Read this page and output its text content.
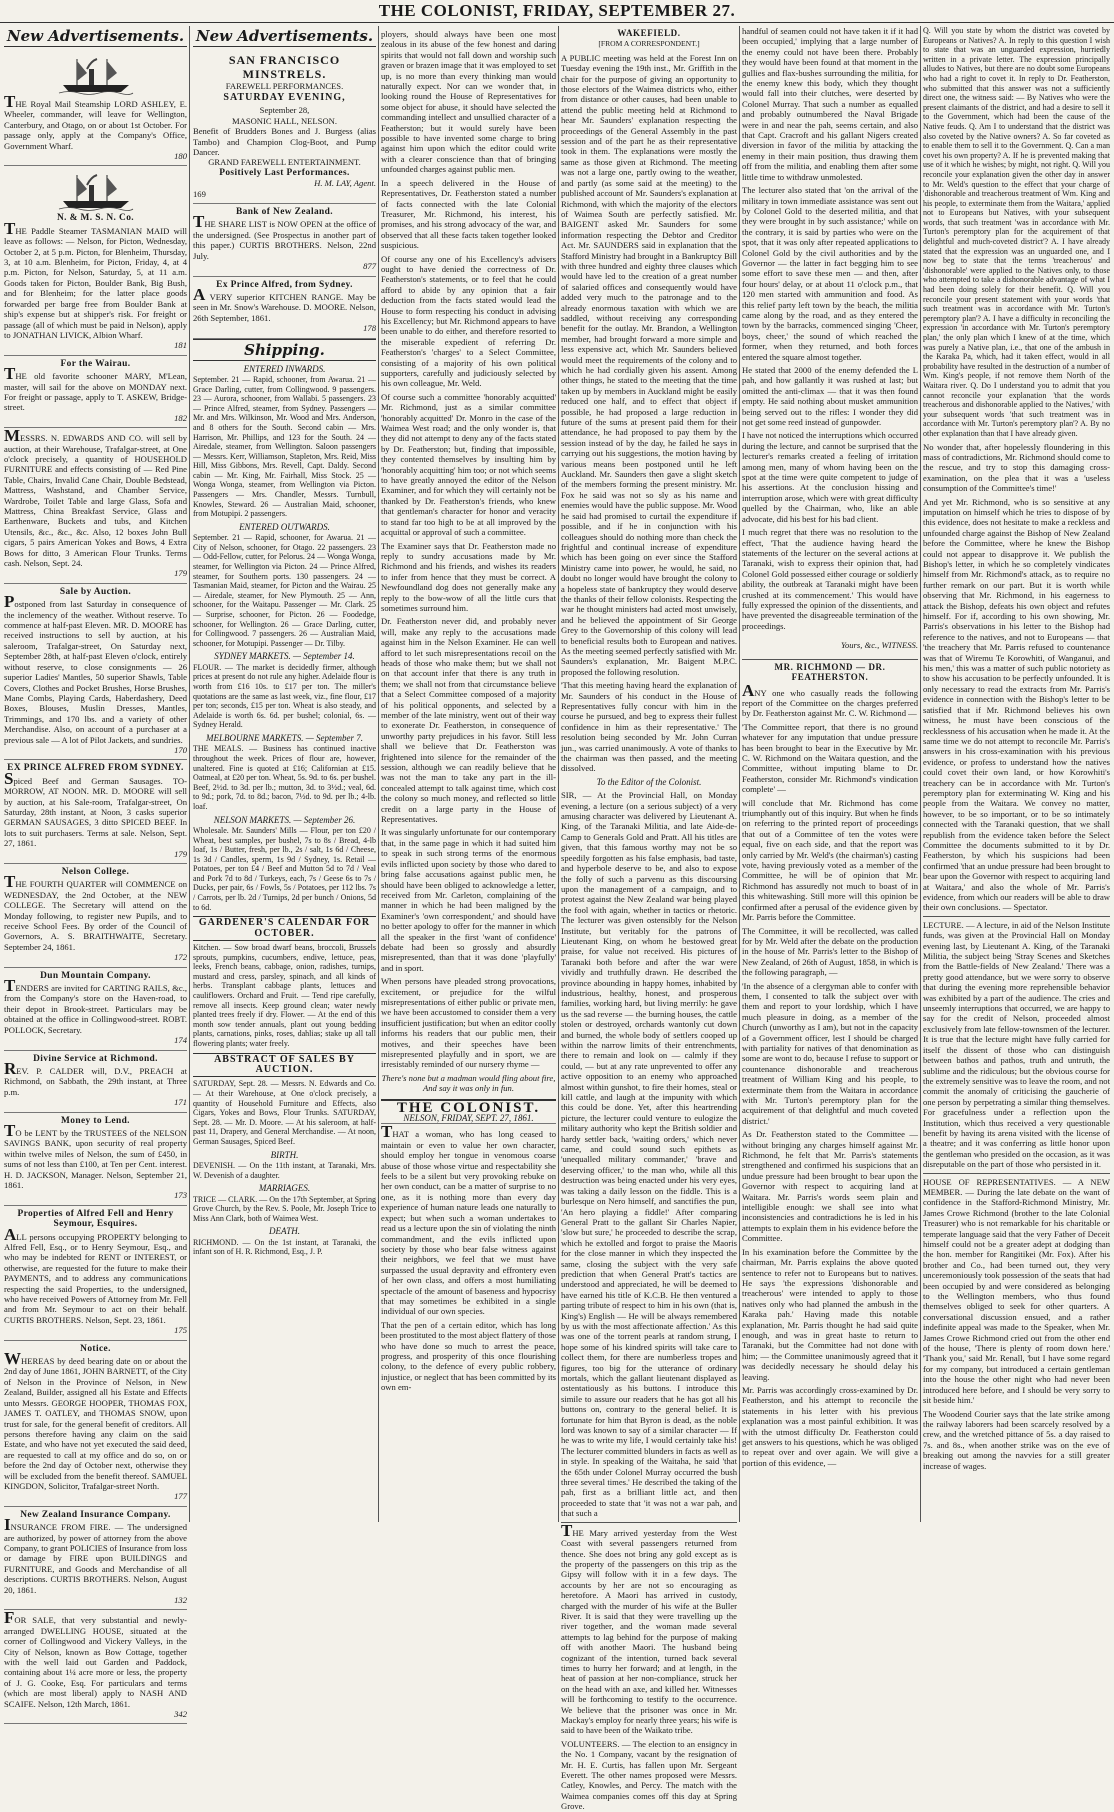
THE COLONIST, FRIDAY, SEPTEMBER 27.
New Advertisements.

THE Royal Mail Steamship LORD ASHLEY, E. Wheeler, commander, will leave for Wellington, Canterbury, and Otago, on or about 1st October. For passage only, apply at the Company's Office, Government Wharf.

180

N. & M. S. N. Co.

THE Paddle Steamer TASMANIAN MAID will leave as follows: — Nelson, for Picton, Wednesday, October 2, at 5 p.m. Picton, for Blenheim, Thursday, 3, at 10 a.m. Blenheim, for Picton, Friday, 4, at 4 p.m. Picton, for Nelson, Saturday, 5, at 11 a.m. Goods taken for Picton, Boulder Bank, Big Bush, and for Blenheim; for the latter place goods forwarded per barge free from Boulder Bank at ship's expense but at shipper's risk. For freight or passage (all of which must be paid in Nelson), apply to JONATHAN LIVICK, Albion Wharf.

181

For the Wairau.

THE old favorite schooner MARY, M'Lean, master, will sail for the above on MONDAY next. For freight or passage, apply to T. ASKEW, Bridge-street.

182

MESSRS. N. EDWARDS AND CO. will sell by auction, at their Warehouse, Trafalgar-street, at One o'clock precisely, a quantity of HOUSEHOLD FURNITURE and effects consisting of — Red Pine Table, Chairs, Invalid Cane Chair, Double Bedstead, Mattress, Washstand, and Chamber Service, Wardrobe, Toilet Table and large Glass, Sofa and Mattress, China Breakfast Service, Glass and Earthenware, Buckets and tubs, and Kitchen Utensils, &c., &c., &c. Also, 12 boxes John Bull cigars, 5 pairs American Yokes and Bows, 4 Extra Bows for ditto, 3 American Flour Trunks. Terms cash. Nelson, Sept. 24.

179

Sale by Auction.

Postponed from last Saturday in consequence of the inclemency of the weather. Without reserve. To commence at half-past Eleven. MR. D. MOORE has received instructions to sell by auction, at his saleroom, Trafalgar-street, On Saturday next, September 28th, at half-past Eleven o'clock, entirely without reserve, to close consignments — 26 superior Ladies' Mantles, 50 superior Shawls, Table Covers, Clothes and Pocket Brushes, Horse Brushes, Mane Combs, Playing Cards, Haberdashery, Deed Boxes, Blouses, Muslin Dresses, Mantles, Trimmings, and 170 lbs. and a variety of other Merchandise. Also, on account of a purchaser at a previous sale — A lot of Pilot Jackets, and sundries.

170

EX PRINCE ALFRED FROM SYDNEY.

Spiced Beef and German Sausages. TO-MORROW, AT NOON. MR. D. MOORE will sell by auction, at his Sale-room, Trafalgar-street, On Saturday, 28th instant, at Noon, 3 casks superior GERMAN SAUSAGES, 3 ditto SPICED BEEF. In lots to suit purchasers. Terms at sale. Nelson, Sept. 27, 1861.

179

Nelson College.

THE FOURTH QUARTER will COMMENCE on WEDNESDAY, the 2nd October, at the NEW COLLEGE. The Secretary will attend on the Monday following, to register new Pupils, and to receive School Fees. By order of the Council of Governors, A. S. BRAITHWAITE, Secretary. September 24, 1861.

172

Dun Mountain Company.

TENDERS are invited for CARTING RAILS, &c., from the Company's store on the Haven-road, to their depot in Brook-street. Particulars may be obtained at the office in Collingwood-street. ROBT. POLLOCK, Secretary.

174

Divine Service at Richmond.

REV. P. CALDER will, D.V., PREACH at Richmond, on Sabbath, the 29th instant, at Three p.m.

171

Money to Lend.

TO be LENT by the TRUSTEES of the NELSON SAVINGS BANK, upon security of real property within twelve miles of Nelson, the sum of £450, in sums of not less than £100, at Ten per Cent. interest. H. D. JACKSON, Manager. Nelson, September 21, 1861.

173

Properties of Alfred Fell and Henry Seymour, Esquires.

ALL persons occupying PROPERTY belonging to Alfred Fell, Esq., or to Henry Seymour, Esq., and who may be indebted for RENT or INTEREST, or otherwise, are requested for the future to make their PAYMENTS, and to address any communications respecting the said Properties, to the undersigned, who have received Powers of Attorney from Mr. Fell and from Mr. Seymour to act on their behalf. CURTIS BROTHERS. Nelson, Sept. 23, 1861.

175

Notice.

WHEREAS by deed bearing date on or about the 2nd day of June 1861, JOHN BARNETT, of the City of Nelson in the Province of Nelson, in New Zealand, Builder, assigned all his Estate and Effects unto Messrs. GEORGE HOOPER, THOMAS FOX, JAMES T. OATLEY, and THOMAS SNOW, upon trust for sale, for the general benefit of creditors. All persons therefore having any claim on the said Estate, and who have not yet executed the said deed, are requested to call at my office and do so, on or before the 2nd day of October next, otherwise they will be excluded from the benefit thereof. SAMUEL KINGDON, Solicitor, Trafalgar-street North.

177

New Zealand Insurance Company.

INSURANCE FROM FIRE. — The undersigned are authorized, by power of attorney from the above Company, to grant POLICIES of Insurance from loss or damage by FIRE upon BUILDINGS and FURNITURE, and Goods and Merchandise of all descriptions. CURTIS BROTHERS. Nelson, August 20, 1861.

132

FOR SALE, that very substantial and newly-arranged DWELLING HOUSE, situated at the corner of Collingwood and Vickery Valleys, in the City of Nelson, known as Bow Cottage, together with the well laid out Garden and Paddock, containing about 1¼ acre more or less, the property of J. G. Cooke, Esq. For particulars and terms (which are most liberal) apply to NASH AND SCAIFE. Nelson, 12th March, 1861.

342

New Advertisements.

SAN FRANCISCO MINSTRELS.

FAREWELL PERFORMANCES.

SATURDAY EVENING,

September 28,

MASONIC HALL, NELSON.

Benefit of Brudders Bones and J. Burgess (alias Tambo) and Champion Clog-Boot, and Pump Dancer.

GRAND FAREWELL ENTERTAINMENT.

Positively Last Performances.

H. M. LAY, Agent.

169

Bank of New Zealand.

THE SHARE LIST is NOW OPEN at the office of the undersigned. (See Prospectus in another part of this paper.) CURTIS BROTHERS. Nelson, 22nd July.

877

Ex Prince Alfred, from Sydney.

A VERY superior KITCHEN RANGE. May be seen in Mr. Snow's Warehouse. D. MOORE. Nelson, 26th September, 1861.

178

Shipping.

ENTERED INWARDS.

September. 21 — Rapid, schooner, from Awarua. 21 — Grace Darling, cutter, from Collingwood. 9 passengers. 23 — Aurora, schooner, from Wallabi. 5 passengers. 23 — Prince Alfred, steamer, from Sydney. Passengers — Mr. and Mrs. Wilkinson, Mr. Wood and Mrs. Anderson, and 8 others for the South. Second cabin — Mrs. Harrison, Mr. Phillips, and 123 for the South. 24 — Airedale, steamer, from Wellington. Saloon passengers — Messrs. Kerr, Williamson, Stapleton, Mrs. Reid, Miss Hill, Miss Gibbons, Mrs. Revell, Capt. Daldy. Second cabin — Mr. King, Mr. Fairhall, Miss Stock. 25 — Wonga Wonga, steamer, from Wellington via Picton. Passengers — Mrs. Chandler, Messrs. Turnbull, Knowles, Steward. 26 — Australian Maid, schooner, from Motupipi. 2 passengers.

ENTERED OUTWARDS.

September. 21 — Rapid, schooner, for Awarua. 21 — City of Nelson, schooner, for Otago. 22 passengers. 23 — Odd-Fellow, cutter, for Pelorus. 24 — Wonga Wonga, steamer, for Wellington via Picton. 24 — Prince Alfred, steamer, for Southern ports. 130 passengers. 24 — Tasmanian Maid, steamer, for Picton and the Wairau. 25 — Airedale, steamer, for New Plymouth. 25 — Ann, schooner, for the Waitapu. Passenger — Mr. Clark. 25 — Surprise, schooner, for Picton. 26 — Foodedge, schooner, for Wellington. 26 — Grace Darling, cutter, for Collingwood. 7 passengers. 26 — Australian Maid, schooner, for Motupipi. Passenger — Dr. Tilby.

SYDNEY MARKETS. — September 14.

FLOUR. — The market is decidedly firmer, although prices at present do not rule any higher. Adelaide flour is worth from £16 10s. to £17 per ton. The miller's quotations are the same as last week, viz., fine flour, £17 per ton; seconds, £15 per ton. Wheat is also steady, and Adelaide is worth 6s. 6d. per bushel; colonial, 6s. — Sydney Herald.

MELBOURNE MARKETS. — September 7.

THE MEALS. — Business has continued inactive throughout the week. Prices of flour are, however, unaltered. Fine is quoted at £16; Californian at £15. Oatmeal, at £20 per ton. Wheat, 5s. 9d. to 6s. per bushel. Beef, 2½d. to 3d. per lb.; mutton, 3d. to 3½d.; veal, 6d. to 9d.; pork, 7d. to 8d.; bacon, 7½d. to 9d. per lb.; 4-lb. loaf.

NELSON MARKETS. — September 26.

Wholesale. Mr. Saunders' Mills — Flour, per ton £20 / Wheat, best samples, per bushel, 7s to 8s / Bread, 4-lb loaf, 1s / Butter, fresh, per lb., 2s / salt, 1s 6d / Cheese, 1s 3d / Candles, sperm, 1s 9d / Sydney, 1s. Retail — Potatoes, per ton £4 / Beef and Mutton 5d to 7d / Veal and Pork 7d to 8d / Turkeys, each, 7s / Geese 6s to 7s / Ducks, per pair, 6s / Fowls, 5s / Potatoes, per 112 lbs. 7s / Carrots, per lb. 2d / Turnips, 2d per bunch / Onions, 5d to 6d.

GARDENER'S CALENDAR FOR OCTOBER.

Kitchen. — Sow broad dwarf beans, broccoli, Brussels sprouts, pumpkins, cucumbers, endive, lettuce, peas, leeks, French beans, cabbage, onion, radishes, turnips, mustard and cress, parsley, spinach, and all kinds of herbs. Transplant cabbage plants, lettuces and cauliflowers. Orchard and Fruit. — Tend ripe carefully, remove all insects. Keep ground clean; water newly planted trees freely if dry. Flower. — At the end of this month sow tender annuals, plant out young bedding plants, carnations, pinks, roses, dahlias; stake up all tall flowering plants; water freely.

ABSTRACT OF SALES BY AUCTION.

SATURDAY, Sept. 28. — Messrs. N. Edwards and Co. — At their Warehouse, at One o'clock precisely, a quantity of Household Furniture and Effects, also Cigars, Yokes and Bows, Flour Trunks. SATURDAY, Sept. 28. — Mr. D. Moore. — At his saleroom, at half-past 11, Drapery, and General Merchandise. — At noon, German Sausages, Spiced Beef.

BIRTH.

DEVENISH. — On the 11th instant, at Taranaki, Mrs. W. Devenish of a daughter.

MARRIAGES.

TRICE — CLARK. — On the 17th September, at Spring Grove Church, by the Rev. S. Poole, Mr. Joseph Trice to Miss Ann Clark, both of Waimea West.

DEATH.

RICHMOND. — On the 1st instant, at Taranaki, the infant son of H. R. Richmond, Esq., J. P.

ployers, should always have been one most zealous in its abuse of the few honest and daring spirits that would not fall down and worship such graven or brazen image that it was employed to set up, is no more than every thinking man would naturally expect. Nor can we wonder that, in looking round the House of Representatives for some object for abuse, it should have selected the commanding intellect and unsullied character of a Featherston; but it would surely have been possible to have invented some charge to bring against him upon which the editor could write with a clearer conscience than that of bringing unfounded charges against public men.

In a speech delivered in the House of Representatives, Dr. Featherston stated a number of facts connected with the late Colonial Treasurer, Mr. Richmond, his interest, his promises, and his strong advocacy of the war, and observed that all these facts taken together looked suspicious.

Of course any one of his Excellency's advisers ought to have denied the correctness of Dr. Featherston's statements, or to feel that he could afford to abide by any opinion that a fair deduction from the facts stated would lead the House to form respecting his conduct in advising his Excellency; but Mr. Richmond appears to have been unable to do either, and therefore resorted to the miserable expedient of referring Dr. Featherston's 'charges' to a Select Committee, consisting of a majority of his own political supporters, carefully and judiciously selected by his own colleague, Mr. Weld.

Of course such a committee 'honorably acquitted' Mr. Richmond, just as a similar committee 'honorably acquitted' Dr. Monro in the case of the Waimea West road; and the only wonder is, that they did not attempt to deny any of the facts stated by Dr. Featherston; but, finding that impossible, they contented themselves by insulting him by 'honorably acquitting' him too; or not which seems to have greatly annoyed the editor of the Nelson Examiner, and for which they will certainly not be thanked by Dr. Featherston's friends, who knew that gentleman's character for honor and veracity to stand far too high to be at all improved by the acquittal or approval of such a committee.

The Examiner says that Dr. Featherston made no reply to sundry accusations made by Mr. Richmond and his friends, and wishes its readers to infer from hence that they must be correct. A Newfoundland dog does not generally make any reply to the bow-wow of all the little curs that sometimes surround him.

Dr. Featherston never did, and probably never will, make any reply to the accusations made against him in the Nelson Examiner. He can well afford to let such misrepresentations recoil on the heads of those who make them; but we shall not on that account infer that there is any truth in them; we shall not from that circumstance believe that a Select Committee composed of a majority of his political opponents, and selected by a member of the late ministry, went out of their way to exonerate Dr. Featherston, in consequence of unworthy party prejudices in his favor. Still less shall we believe that Dr. Featherston was frightened into silence for the remainder of the session, although we can readily believe that he was not the man to take any part in the ill-concealed attempt to talk against time, which cost the colony so much money, and reflected so little credit on a large party in the House of Representatives.

It was singularly unfortunate for our contemporary that, in the same page in which it had suited him to speak in such strong terms of the enormous evils inflicted upon society by those who dared to bring false accusations against public men, he should have been obliged to acknowledge a letter, received from Mr. Carleton, complaining of the manner in which he had been maligned by the Examiner's 'own correspondent,' and should have no better apology to offer for the manner in which all the speaker in the first 'want of confidence' debate had been so grossly and absurdly misrepresented, than that it was done 'playfully' and in sport.

When persons have pleaded strong provocations, excitement, or prejudice for the wilful misrepresentations of either public or private men, we have been accustomed to consider them a very insufficient justification; but when an editor coolly informs his readers that our public men, their motives, and their speeches have been misrepresented playfully and in sport, we are irresistably reminded of our nursery rhyme —

There's none but a madman would fling about fire, And say it was only in fun.

THE COLONIST.
NELSON, FRIDAY, SEPT. 27, 1861.

THAT a woman, who has long ceased to maintain or even to value her own character, should employ her tongue in venomous coarse abuse of those whose virtue and respectability she feels to be a silent but very provoking rebuke on her own conduct, can be a matter of surprise to no one, as it is nothing more than every day experience of human nature leads one naturally to expect; but when such a woman undertakes to read us a lecture upon the sin of violating the ninth commandment, and the evils inflicted upon society by those who bear false witness against their neighbors, we feel that we must have surpassed the usual depravity and effrontery even of her own class, and offers a most humiliating spectacle of the amount of baseness and hypocrisy that may sometimes be exhibited in a single individual of our own species.

That the pen of a certain editor, which has long been prostituted to the most abject flattery of those who have done so much to arrest the peace, progress, and prosperity of this once flourishing colony, to the defence of every public robbery, injustice, or neglect that has been committed by its own em-

WAKEFIELD.

[FROM A CORRESPONDENT.]

A PUBLIC meeting was held at the Forest Inn on Tuesday evening the 19th inst., Mr. Griffith in the chair for the purpose of giving an opportunity to those electors of the Waimea districts who, either from distance or other causes, had been unable to attend the public meeting held at Richmond to hear Mr. Saunders' explanation respecting the proceedings of the General Assembly in the past session and of the part he as their representative took in them. The explanations were mostly the same as those given at Richmond. The meeting was not a large one, partly owing to the weather, and partly (as some said at the meeting) to the published account of Mr. Saunders's explanation at Richmond, with which the majority of the electors of Waimea South are perfectly satisfied. Mr. BAIGENT asked Mr. Saunders for some information respecting the Debtor and Creditor Act. Mr. SAUNDERS said in explanation that the Stafford Ministry had brought in a Bankruptcy Bill with three hundred and eighty three clauses which would have led to the creation of a great number of salaried offices and consequently would have added very much to the patronage and to the already enormous taxation with which we are saddled, without receiving any corresponding benefit for the outlay. Mr. Brandon, a Wellington member, had brought forward a more simple and less expensive act, which Mr. Saunders believed would meet the requirements of the colony and to which he had cordially given his assent. Among other things, he stated to the meeting that the time taken up by members in Auckland might be easily reduced one half, and to effect that object if possible, he had proposed a large reduction in future of the sums at present paid them for their attendance, he had proposed to pay them by the session instead of by the day, he failed he says in carrying out his suggestions, the motion having by various means been postponed until he left Auckland. Mr. Saunders then gave a slight sketch of the members forming the present ministry. Mr. Fox he said was not so sly as his name and enemies would have the public suppose. Mr. Wood he said had promised to curtail the expenditure if possible, and if he in conjunction with his colleagues should do nothing more than check the frightful and continual increase of expenditure which has been going on ever since the Stafford Ministry came into power, he would, he said, no doubt no longer would have brought the colony to a hopeless state of bankruptcy they would deserve the thanks of their fellow colonists. Respecting the war he thought ministers had acted most unwisely, and he believed the appointment of Sir George Grey to the Governorship of this colony will lead to beneficial results both to European and natives. As the meeting seemed perfectly satisfied with Mr. Saunders's explanation, Mr. Baigent M.P.C. proposed the following resolution.

'That this meeting having heard the explanation of Mr. Saunders of his conduct in the House of Representatives fully concur with him in the course he pursued, and beg to express their fullest confidence in him as their representative.' The resolution being seconded by Mr. John Curran jun., was carried unanimously. A vote of thanks to the chairman was then passed, and the meeting dissolved.

To the Editor of the Colonist.

SIR, — At the Provincial Hall, on Monday evening, a lecture (on a serious subject) of a very amusing character was delivered by Lieutenant A. King, of the Taranaki Militia, and late Aide-de-Camp to Generals Gold and Pratt. All his titles are given, that this famous worthy may not be so speedily forgotten as his false emphasis, bad taste, and hyperbole deserve to be, and also to expose the folly of such a parvenu as this discoursing upon the management of a campaign, and to protest against the New Zealand war being played the fool with again, whether in tactics or rhetoric. The lecturer was given ostensibly for the Nelson Institute, but veritably for the patrons of Lieutenant King, on whom he bestowed great praise, for value not received. His pictures of Taranaki both before and after the war were vividly and truthfully drawn. He described the province abounding in happy homes, inhabited by industrious, healthy, honest, and prosperous families, working hard, but living merrily: he gave us the sad reverse — the burning houses, the cattle stolen or destroyed, orchards wantonly cut down and burned, the whole body of settlers cooped up within the narrow limits of their entrenchments, there to remain and look on — calmly if they could, — but at any rate unprevented to offer any active opposition to an enemy who approached almost within gunshot, to fire their homes, steal or kill cattle, and laugh at the impunity with which this could be done. Yet, after this heartrending picture, the lecturer could venture to eulogize the military authority who kept the British soldier and hardy settler back, 'waiting orders,' which never came, and could sound such epithets as 'unequalled military commander,' 'brave and deserving officer,' to the man who, while all this destruction was being enacted under his very eyes, was taking a daily lesson on the fiddle. This is a burlesque on Nero himself, and sanctifies the pun, 'An hero playing a fiddle!' After comparing General Pratt to the gallant Sir Charles Napier, 'slow but sure,' he proceeded to describe the scrap, which he extolled and forgot to praise the Maoris for the close manner in which they inspected the same, closing the subject with the very safe prediction that when General Pratt's tactics are understood and appreciated, he will be deemed to have earned his title of K.C.B. He then ventured a parting tribute of respect to him in his own (that is, King's) English — He will be always remembered by us with the most affectionate affection.' As this was one of the torrent pearls at random strung, I hope some of his kindred spirits will take care to collect them, for there are numberless tropes and figures, too big for the utterance of ordinary mortals, which the gallant lieutenant displayed as ostentatiously as his buttons. I introduce this simile to assure our readers that he has got all his buttons on, contrary to the general belief. It is fortunate for him that Byron is dead, as the noble lord was known to say of a similar character — If he was to write my life, I would certainly take his! The lecturer committed blunders in facts as well as in style. In speaking of the Waitaha, he said 'that the 65th under Colonel Murray occurred the bush three several times.' He described the taking of the pah, first as a brilliant little act, and then proceeded to state that 'it was not a war pah, and that such a

THE Mary arrived yesterday from the West Coast with several passengers returned from thence. She does not bring any gold except as is the property of the passengers on this trip as the Gipsy will follow with it in a few days. The accounts by her are not so encouraging as heretofore. A Maori has arrived in custody, charged with the murder of his wife at the Buller River. It is said that they were travelling up the river together, and the woman made several attempts to lag behind for the purpose of making off with another Maori. The husband being cognizant of the intention, turned back several times to hurry her forward; and at length, in the heat of passion at her non-compliance, struck her on the head with an axe, and killed her. Witnesses will be forthcoming to testify to the occurrence. We believe that the prisoner was once in Mr. Mackay's employ for nearly three years; his wife is said to have been of the Waikato tribe.

VOLUNTEERS. — The election to an ensigncy in the No. 1 Company, vacant by the resignation of Mr. H. E. Curtis, has fallen upon Mr. Sergeant Everett. The other names proposed were Messrs. Catley, Knowles, and Percy. The match with the Waimea companies comes off this day at Spring Grove.

handful of seamen could not have taken it if it had been occupied,' implying that a large number of the enemy could not have been there. Probably they would have been found at that moment in the gullies and flax-bushes surrounding the militia, for the enemy knew this body, which they thought would fall into their clutches, were deserted by Colonel Murray. That such a number as equalled and probably outnumbered the Naval Brigade were in and near the pah, seems certain, and also that Capt. Cracroft and his gallant Nigers created diversion in favor of the militia by attacking the enemy in their main position, thus drawing them off from the militia, and enabling them after some little time to withdraw unmolested.

The lecturer also stated that 'on the arrival of the military in town immediate assistance was sent out by Colonel Gold to the deserted militia, and that they were brought in by such assistance;' while on the contrary, it is said by parties who were on the spot, that it was only after repeated applications to Colonel Gold by the civil authorities and by the Governor — the latter in fact begging him to see some effort to save these men — and then, after four hours' delay, or at about 11 o'clock p.m., that 120 men started with ammunition and food. As this relief party left town by the beach, the militia came along by the road, and as they entered the town by the barracks, commenced singing 'Cheer, boys, cheer,' the sound of which reached the former, when they returned, and both forces entered the square almost together.

He stated that 2000 of the enemy defended the L pah, and how gallantly it was rushed at last; but omitted the anti-climax — that it was then found empty. He said nothing about musket ammunition being served out to the rifles: I wonder they did not get some reed instead of gunpowder.

I have not noticed the interruptions which occurred during the lecture, and cannot be surprised that the lecturer's remarks created a feeling of irritation among men, many of whom having been on the spot at the time were quite competent to judge of his assertions. At the conclusion hissing and interruption arose, which were with great difficulty quelled by the Chairman, who, like an able advocate, did his best for his bad client.

I much regret that there was no resolution to the effect, 'That the audience having heard the statements of the lecturer on the several actions at Taranaki, wish to express their opinion that, had Colonel Gold possessed either courage or soldierly ability, the outbreak at Taranaki might have been crushed at its commencement.' This would have fully expressed the opinion of the dissentients, and have prevented the disagreeable termination of the proceedings.

Yours, &c., WITNESS.

MR. RICHMOND — DR. FEATHERSTON.

ANY one who casually reads the following report of the Committee on the charges preferred by Dr. Featherston against Mr. C. W. Richmond —

'The Committee report, that there is no ground whatever for any imputation that undue pressure has been brought to bear in the Executive by Mr. C. W. Richmond on the Waitara question, and the Committee, without imputing blame to Dr. Featherston, consider Mr. Richmond's vindication complete' —

will conclude that Mr. Richmond has come triumphantly out of this inquiry. But when he finds on referring to the printed report of proceedings that out of a Committee of ten the votes were equal, five on each side, and that the report was only carried by Mr. Weld's (the chairman's) casting vote, having previously voted as a member of the Committee, he will be of opinion that Mr. Richmond has assuredly not much to boast of in this whitewashing. Still more will this opinion be confirmed after a perusal of the evidence given by Mr. Parris before the Committee.

The Committee, it will be recollected, was called for by Mr. Weld after the debate on the production in the house of Mr. Parris's letter to the Bishop of New Zealand, of 26th of August, 1858, in which is the following paragraph, —

'In the absence of a clergyman able to confer with them, I consented to talk the subject over with them and report to your lordship, which I have much pleasure in doing, as a member of the Church (unworthy as I am), but not in the capacity of a Government officer, lest I should be charged with partiality for natives of that denomination as some are wont to do, because I refuse to support or countenance dishonorable and treacherous treatment of William King and his people, to exterminate them from the Waitara in accordance with Mr. Turton's peremptory plan for the acquirement of that delightful and much coveted district.'

As Dr. Featherston stated to the Committee — without bringing any charges himself against Mr. Richmond, he felt that Mr. Parris's statements strengthened and confirmed his suspicions that an undue pressure had been brought to bear upon the Governor with respect to acquiring land at Waitara. Mr. Parris's words seem plain and intelligible enough: we shall see into what inconsistencies and contradictions he is led in his attempts to explain them in his evidence before the Committee.

In his examination before the Committee by the chairman, Mr. Parris explains the above quoted sentence to refer not to Europeans but to natives. He says 'the expressions 'dishonorable and treacherous' were intended to apply to those natives only who had planned the ambush in the Karaka pah.' Having made this notable explanation, Mr. Parris thought he had said quite enough, and was in great haste to return to Taranaki, but the Committee had not done with him; — the Committee unanimously agreed that it was decidedly necessary he should delay his leaving.

Mr. Parris was accordingly cross-examined by Dr. Featherston, and his attempt to reconcile the statements in his letter with his previous explanation was a most painful exhibition. It was with the utmost difficulty Dr. Featherston could get answers to his questions, which he was obliged to repeat over and over again. We will give a portion of this evidence, —

Q. Will you state by whom the district was coveted by Europeans or Natives? A. In reply to this question I wish to state that was an unguarded expression, hurriedly written in a private letter. The expression principally alludes to Natives, but there are no doubt some Europeans who had a right to covet it. In reply to Dr. Featherston, who submitted that this answer was not a sufficiently direct one, the witness said: — By Natives who were the present claimants of the district, and had a desire to sell it to the Government, which had been the cause of the Native feuds. Q. Am I to understand that the district was also coveted by the Native owners? A. So far coveted as to enable them to sell it to the Government. Q. Can a man covet his own property? A. If he is prevented making that use of it which he wishes; by might, not right. Q. Will you reconcile your explanation given the other day in answer to Mr. Weld's question to the effect that your charge of 'dishonorable and treacherous treatment of Wm. King and his people, to exterminate them from the Waitara,' applied not to Europeans but Natives, with your subsequent words, that such treatment 'was in accordance with Mr. Turton's peremptory plan for the acquirement of that delightful and much-coveted district'? A. I have already stated that the expression was an unguarded one, and I now beg to state that the terms 'treacherous' and 'dishonorable' were applied to the Natives only, to those who attempted to take a dishonorable advantage of what I had been doing solely for their benefit. Q. Will you reconcile your present statement with your words 'that such treatment was in accordance with Mr. Turton's peremptory plan'? A. I have a difficulty in reconciling the expression 'in accordance with Mr. Turton's peremptory plan,' the only plan which I knew of at the time, which was purely a Native plan, i.e., that one of the ambush in the Karaka Pa, which, had it taken effect, would in all probability have resulted in the destruction of a number of Wm. King's people, if not remove them North of the Waitara river. Q. Do I understand you to admit that you cannot reconcile your explanation 'that the words treacherous and dishonorable applied to the Natives,' with your subsequent words 'that such treatment was in accordance with Mr. Turton's peremptory plan'? A. By no other explanation than that I have already given.

No wonder that, after hopelessly floundering in this mass of contradictions, Mr. Richmond should come to the rescue, and try to stop this damaging cross-examination, on the plea that it was a 'useless consumption of the Committee's time!'

And yet Mr. Richmond, who is so sensitive at any imputation on himself which he tries to dispose of by this evidence, does not hesitate to make a reckless and unfounded charge against the Bishop of New Zealand before the Committee, where he knew the Bishop could not appear to disapprove it. We publish the Bishop's letter, in which he so completely vindicates himself from Mr. Richmond's attack, as to require no further remark on our part. But it is worth while observing that Mr. Richmond, in his eagerness to attack the Bishop, defeats his own object and refutes himself. For if, according to his own showing, Mr. Parris's observations in his letter to the Bishop had reference to the natives, and not to Europeans — that 'the treachery that Mr. Parris refused to countenance was that of Wiremu Te Korowhiti, of Wanganui, and his men,' this was a matter of such public notoriety as to show his accusation to be perfectly unfounded. It is only necessary to read the extracts from Mr. Parris's evidence in connection with the Bishop's letter to be satisfied that if Mr. Richmond believes his own witness, he must have been conscious of the recklessness of his accusation when he made it. At the same time we do not attempt to reconcile Mr. Parris's answers in his cross-examination with his previous evidence, or profess to understand how the natives could covet their own land, or how Korowhiti's treachery can be in accordance with Mr. Turton's peremptory plan for exterminating W. King and his people from the Waitara. We convey no matter, however, to be so important, or to be so intimately connected with the Taranaki question, that we shall republish from the evidence taken before the Select Committee the documents submitted to it by Dr. Featherston, by which his suspicions had been confirmed 'that an undue pressure had been brought to bear upon the Governor with respect to acquiring land at Waitara,' and also the whole of Mr. Parris's evidence, from which our readers will be able to draw their own conclusions. — Spectator.

LECTURE. — A lecture, in aid of the Nelson Institute funds, was given at the Provincial Hall on Monday evening last, by Lieutenant A. King, of the Taranaki Militia, the subject being 'Stray Scenes and Sketches from the Battle-fields of New Zealand.' There was a pretty good attendance, but we were sorry to observe that during the evening more reprehensible behavior was exhibited by a part of the audience. The cries and unseemly interruptions that occurred, we are happy to say for the credit of Nelson, proceeded almost exclusively from late fellow-townsmen of the lecturer. It is true that the lecture might have fully carried for itself the dissent of those who can distinguish between bathos and pathos, truth and untruth, the sublime and the ridiculous; but the obvious course for the extremely sensitive was to leave the room, and not commit the anomaly of criticising the gaucherie of one person by perpetrating a similar thing themselves. For gracefulness under a reflection upon the Institution, which thus received a very questionable benefit by having its arena visited with the license of a theatre; and it was conferring as little honor upon the gentleman who presided on the occasion, as it was disreputable on the part of those who persisted in it.

HOUSE OF REPRESENTATIVES. — A NEW MEMBER. — During the late debate on the want of confidence in the Stafford-Richmond Ministry, Mr. James Crowe Richmond (brother to the late Colonial Treasurer) who is not remarkable for his charitable or temperate language said that the very Father of Deceit himself could not be a greater adept at dodging than the hon. member for Rangitikei (Mr. Fox). After his brother and Co., had been turned out, they very unceremoniously took possession of the seats that had been occupied by and were considered as belonging to the Wellington members, who thus found themselves obliged to seek for other quarters. A conversational discussion ensued, and a rather indefinite appeal was made to the Speaker, when Mr. James Crowe Richmond cried out from the other end of the house, 'There is plenty of room down here.' 'Thank you,' said Mr. Renall, 'but I have some regard for my company, but introduced a certain gentleman into the house the other night who had never been introduced here before, and I should be very sorry to sit beside him.'

The Woodend Courier says that the late strike among the railway laborers had been scarcely resolved by a crew, and the wretched pittance of 5s. a day raised to 7s. and 8s., when another strike was on the eve of breaking out among the navvies for a still greater increase of wages.
